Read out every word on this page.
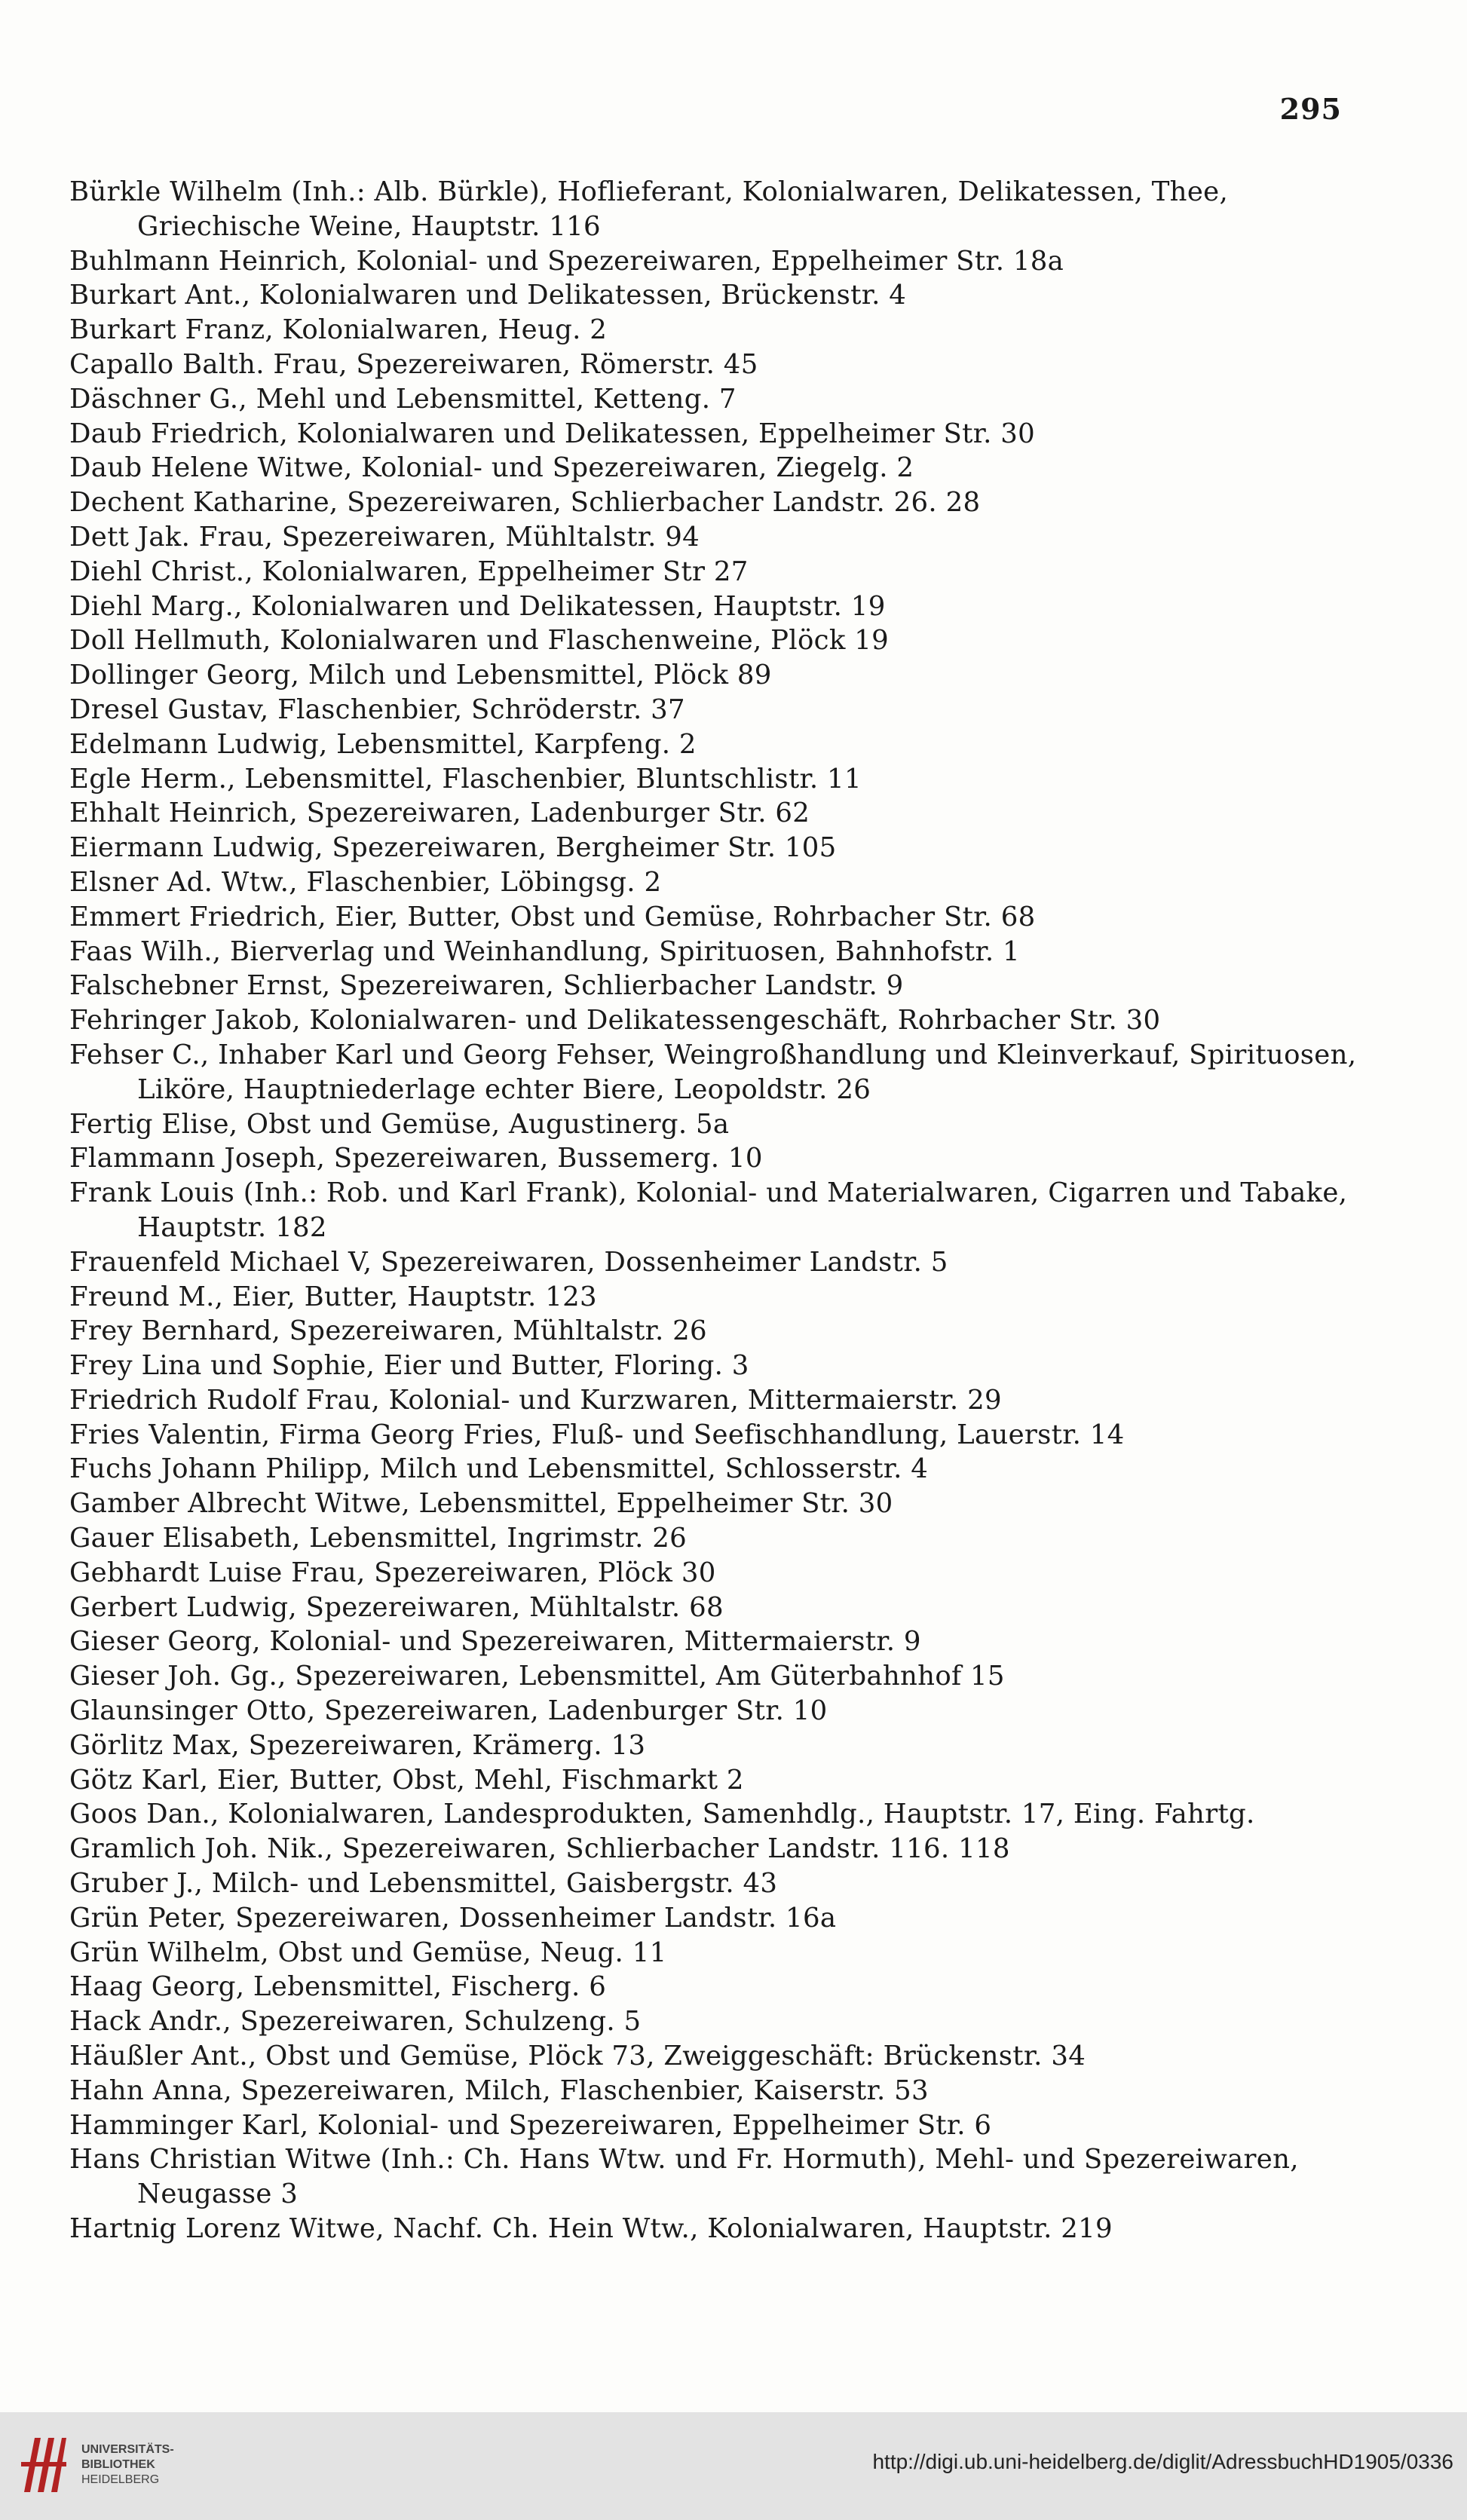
295
Bürkle Wilhelm (Inh.: Alb. Bürkle), Hoflieferant, Kolonialwaren, Delikatessen, Thee, Griechische Weine, Hauptstr. 116
Buhlmann Heinrich, Kolonial- und Spezereiwaren, Eppelheimer Str. 18a
Burkart Ant., Kolonialwaren und Delikatessen, Brückenstr. 4
Burkart Franz, Kolonialwaren, Heug. 2
Capallo Balth. Frau, Spezereiwaren, Römerstr. 45
Däschner G., Mehl und Lebensmittel, Ketteng. 7
Daub Friedrich, Kolonialwaren und Delikatessen, Eppelheimer Str. 30
Daub Helene Witwe, Kolonial- und Spezereiwaren, Ziegelg. 2
Dechent Katharine, Spezereiwaren, Schlierbacher Landstr. 26. 28
Dett Jak. Frau, Spezereiwaren, Mühltalstr. 94
Diehl Christ., Kolonialwaren, Eppelheimer Str 27
Diehl Marg., Kolonialwaren und Delikatessen, Hauptstr. 19
Doll Hellmuth, Kolonialwaren und Flaschenweine, Plöck 19
Dollinger Georg, Milch und Lebensmittel, Plöck 89
Dresel Gustav, Flaschenbier, Schröderstr. 37
Edelmann Ludwig, Lebensmittel, Karpfeng. 2
Egle Herm., Lebensmittel, Flaschenbier, Bluntschlistr. 11
Ehhalt Heinrich, Spezereiwaren, Ladenburger Str. 62
Eiermann Ludwig, Spezereiwaren, Bergheimer Str. 105
Elsner Ad. Wtw., Flaschenbier, Löbingsg. 2
Emmert Friedrich, Eier, Butter, Obst und Gemüse, Rohrbacher Str. 68
Faas Wilh., Bierverlag und Weinhandlung, Spirituosen, Bahnhofstr. 1
Falschebner Ernst, Spezereiwaren, Schlierbacher Landstr. 9
Fehringer Jakob, Kolonialwaren- und Delikatessengeschäft, Rohrbacher Str. 30
Fehser C., Inhaber Karl und Georg Fehser, Weingroßhandlung und Kleinverkauf, Spirituosen, Liköre, Hauptniederlage echter Biere, Leopoldstr. 26
Fertig Elise, Obst und Gemüse, Augustinerg. 5a
Flammann Joseph, Spezereiwaren, Bussemerg. 10
Frank Louis (Inh.: Rob. und Karl Frank), Kolonial- und Materialwaren, Cigarren und Tabake, Hauptstr. 182
Frauenfeld Michael V, Spezereiwaren, Dossenheimer Landstr. 5
Freund M., Eier, Butter, Hauptstr. 123
Frey Bernhard, Spezereiwaren, Mühltalstr. 26
Frey Lina und Sophie, Eier und Butter, Floring. 3
Friedrich Rudolf Frau, Kolonial- und Kurzwaren, Mittermaierstr. 29
Fries Valentin, Firma Georg Fries, Fluß- und Seefischhandlung, Lauerstr. 14
Fuchs Johann Philipp, Milch und Lebensmittel, Schlosserstr. 4
Gamber Albrecht Witwe, Lebensmittel, Eppelheimer Str. 30
Gauer Elisabeth, Lebensmittel, Ingrimstr. 26
Gebhardt Luise Frau, Spezereiwaren, Plöck 30
Gerbert Ludwig, Spezereiwaren, Mühltalstr. 68
Gieser Georg, Kolonial- und Spezereiwaren, Mittermaierstr. 9
Gieser Joh. Gg., Spezereiwaren, Lebensmittel, Am Güterbahnhof 15
Glaunsinger Otto, Spezereiwaren, Ladenburger Str. 10
Görlitz Max, Spezereiwaren, Krämerg. 13
Götz Karl, Eier, Butter, Obst, Mehl, Fischmarkt 2
Goos Dan., Kolonialwaren, Landesprodukten, Samenhdlg., Hauptstr. 17, Eing. Fahrtg.
Gramlich Joh. Nik., Spezereiwaren, Schlierbacher Landstr. 116. 118
Gruber J., Milch- und Lebensmittel, Gaisbergstr. 43
Grün Peter, Spezereiwaren, Dossenheimer Landstr. 16a
Grün Wilhelm, Obst und Gemüse, Neug. 11
Haag Georg, Lebensmittel, Fischerg. 6
Hack Andr., Spezereiwaren, Schulzeng. 5
Häußler Ant., Obst und Gemüse, Plöck 73, Zweiggeschäft: Brückenstr. 34
Hahn Anna, Spezereiwaren, Milch, Flaschenbier, Kaiserstr. 53
Hamminger Karl, Kolonial- und Spezereiwaren, Eppelheimer Str. 6
Hans Christian Witwe (Inh.: Ch. Hans Wtw. und Fr. Hormuth), Mehl- und Spezereiwaren, Neugasse 3
Hartnig Lorenz Witwe, Nachf. Ch. Hein Wtw., Kolonialwaren, Hauptstr. 219
UNIVERSITÄTS-
BIBLIOTHEK
HEIDELBERG
http://digi.ub.uni-heidelberg.de/diglit/AdressbuchHD1905/0336
